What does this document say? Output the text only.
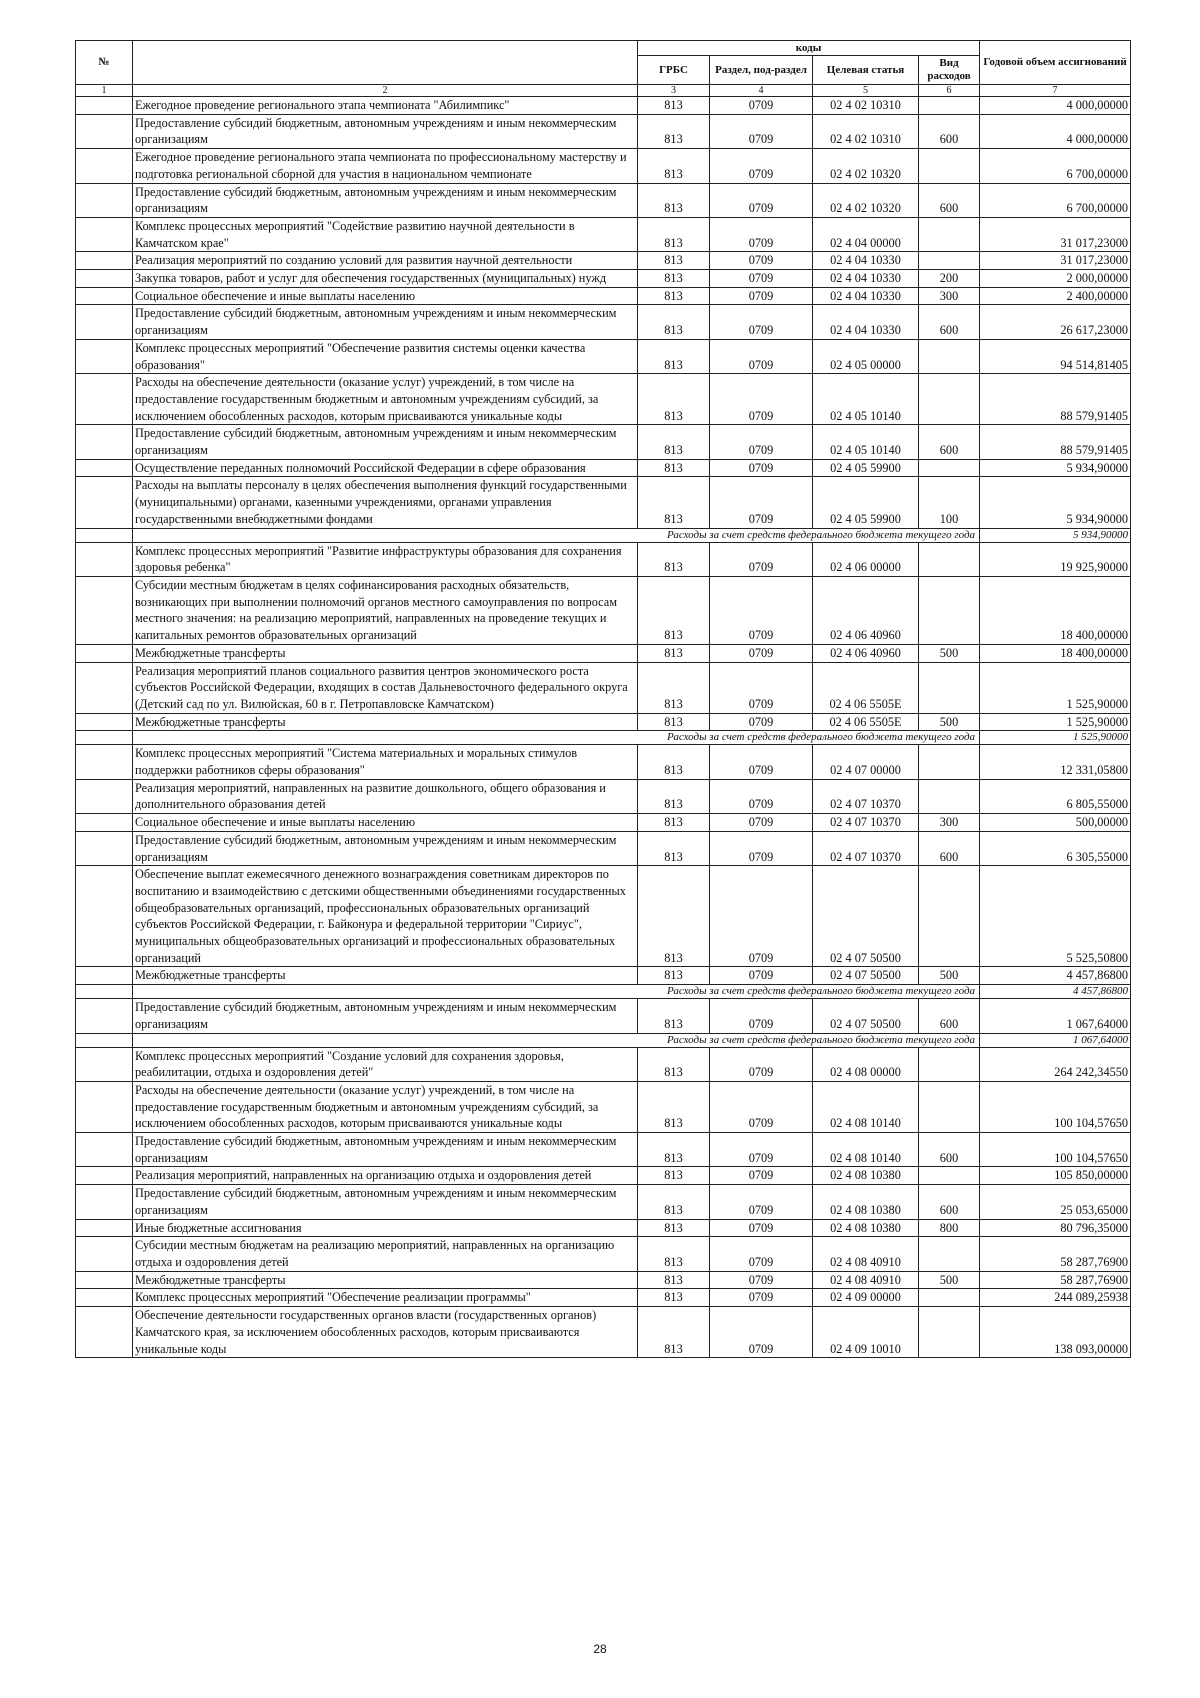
№		коды				Годовой объем ассигнований
		ГРБС	Раздел, под-раздел	Целевая статья	Вид расходов	
1	2	3	4	5	6	7
	Ежегодное проведение регионального этапа чемпионата "Абилимпикс"	813	0709	02 4 02 10310		4 000,00000
	Предоставление субсидий бюджетным, автономным учреждениям и иным некоммерческим организациям	813	0709	02 4 02 10310	600	4 000,00000
	Ежегодное проведение регионального этапа чемпионата по профессиональному мастерству и подготовка региональной сборной для участия в национальном чемпионате	813	0709	02 4 02 10320		6 700,00000
	Предоставление субсидий бюджетным, автономным учреждениям и иным некоммерческим организациям	813	0709	02 4 02 10320	600	6 700,00000
	Комплекс процессных мероприятий "Содействие развитию научной деятельности в Камчатском крае"	813	0709	02 4 04 00000		31 017,23000
	Реализация мероприятий по созданию условий для развития научной деятельности	813	0709	02 4 04 10330		31 017,23000
	Закупка товаров, работ и услуг для обеспечения государственных (муниципальных) нужд	813	0709	02 4 04 10330	200	2 000,00000
	Социальное обеспечение и иные выплаты населению	813	0709	02 4 04 10330	300	2 400,00000
	Предоставление субсидий бюджетным, автономным учреждениям и иным некоммерческим организациям	813	0709	02 4 04 10330	600	26 617,23000
	Комплекс процессных мероприятий "Обеспечение развития системы оценки качества образования"	813	0709	02 4 05 00000		94 514,81405
	Расходы на обеспечение деятельности (оказание услуг) учреждений, в том числе на предоставление государственным бюджетным и автономным учреждениям субсидий, за исключением обособленных расходов, которым присваиваются уникальные коды	813	0709	02 4 05 10140		88 579,91405
	Предоставление субсидий бюджетным, автономным учреждениям и иным некоммерческим организациям	813	0709	02 4 05 10140	600	88 579,91405
	Осуществление переданных полномочий Российской Федерации в сфере образования	813	0709	02 4 05 59900		5 934,90000
	Расходы на выплаты персоналу в целях обеспечения выполнения функций государственными (муниципальными) органами, казенными учреждениями, органами управления государственными внебюджетными фондами	813	0709	02 4 05 59900	100	5 934,90000
	Расходы за счет средств федерального бюджета текущего года					5 934,90000
	Комплекс процессных мероприятий "Развитие инфраструктуры образования для сохранения здоровья ребенка"	813	0709	02 4 06 00000		19 925,90000
	Субсидии местным бюджетам в целях софинансирования расходных обязательств, возникающих при выполнении полномочий органов местного самоуправления по вопросам местного значения: на реализацию мероприятий, направленных на проведение текущих и капитальных ремонтов образовательных организаций	813	0709	02 4 06 40960		18 400,00000
	Межбюджетные трансферты	813	0709	02 4 06 40960	500	18 400,00000
	Реализация мероприятий планов социального развития центров экономического роста субъектов Российской Федерации, входящих в состав Дальневосточного федерального округа (Детский сад по ул. Вилюйская, 60 в г. Петропавловске Камчатском)	813	0709	02 4 06 5505Е		1 525,90000
	Межбюджетные трансферты	813	0709	02 4 06 5505Е	500	1 525,90000
	Расходы за счет средств федерального бюджета текущего года					1 525,90000
	Комплекс процессных мероприятий "Система материальных и моральных стимулов поддержки работников сферы образования"	813	0709	02 4 07 00000		12 331,05800
	Реализация мероприятий, направленных на развитие дошкольного, общего образования и дополнительного образования детей	813	0709	02 4 07 10370		6 805,55000
	Социальное обеспечение и иные выплаты населению	813	0709	02 4 07 10370	300	500,00000
	Предоставление субсидий бюджетным, автономным учреждениям и иным некоммерческим организациям	813	0709	02 4 07 10370	600	6 305,55000
	Обеспечение выплат ежемесячного денежного вознаграждения советникам директоров по воспитанию и взаимодействию с детскими общественными объединениями государственных общеобразовательных организаций, профессиональных образовательных организаций субъектов Российской Федерации, г. Байконура и федеральной территории "Сириус", муниципальных общеобразовательных организаций и профессиональных образовательных организаций	813	0709	02 4 07 50500		5 525,50800
	Межбюджетные трансферты	813	0709	02 4 07 50500	500	4 457,86800
	Расходы за счет средств федерального бюджета текущего года					4 457,86800
	Предоставление субсидий бюджетным, автономным учреждениям и иным некоммерческим организациям	813	0709	02 4 07 50500	600	1 067,64000
	Расходы за счет средств федерального бюджета текущего года					1 067,64000
	Комплекс процессных мероприятий "Создание условий для сохранения здоровья, реабилитации, отдыха и оздоровления детей"	813	0709	02 4 08 00000		264 242,34550
	Расходы на обеспечение деятельности (оказание услуг) учреждений, в том числе на предоставление государственным бюджетным и автономным учреждениям субсидий, за исключением обособленных расходов, которым присваиваются уникальные коды	813	0709	02 4 08 10140		100 104,57650
	Предоставление субсидий бюджетным, автономным учреждениям и иным некоммерческим организациям	813	0709	02 4 08 10140	600	100 104,57650
	Реализация мероприятий, направленных на организацию отдыха и оздоровления детей	813	0709	02 4 08 10380		105 850,00000
	Предоставление субсидий бюджетным, автономным учреждениям и иным некоммерческим организациям	813	0709	02 4 08 10380	600	25 053,65000
	Иные бюджетные ассигнования	813	0709	02 4 08 10380	800	80 796,35000
	Субсидии местным бюджетам на реализацию мероприятий, направленных на организацию отдыха и оздоровления детей	813	0709	02 4 08 40910		58 287,76900
	Межбюджетные трансферты	813	0709	02 4 08 40910	500	58 287,76900
	Комплекс процессных мероприятий "Обеспечение реализации программы"	813	0709	02 4 09 00000		244 089,25938
	Обеспечение деятельности государственных органов власти (государственных органов) Камчатского края, за исключением обособленных расходов, которым присваиваются уникальные коды	813	0709	02 4 09 10010		138 093,00000
28
